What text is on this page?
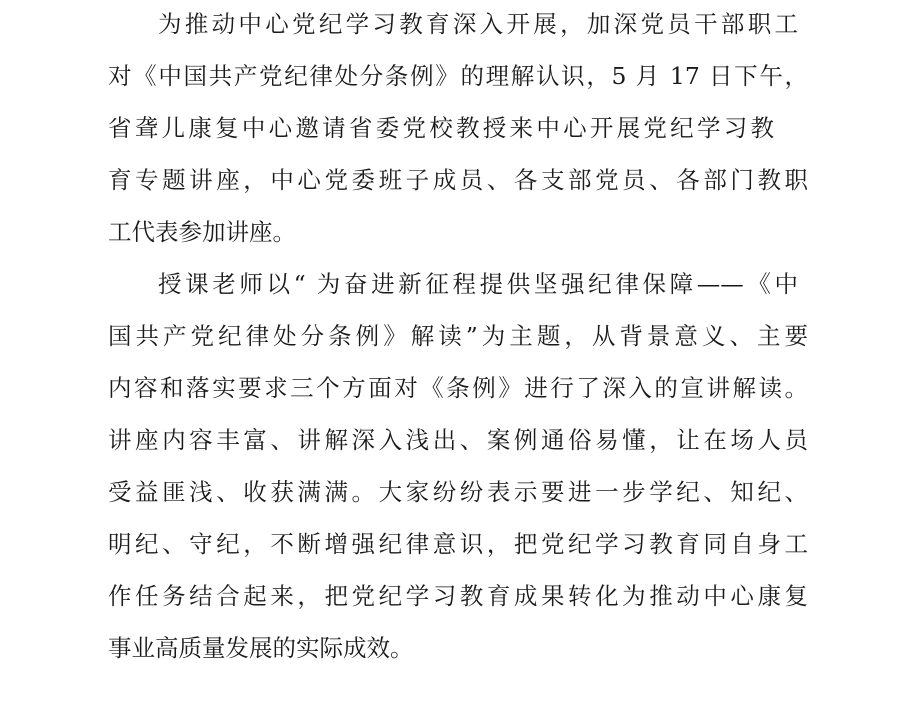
为推动中心党纪学习教育深入开展，加深党员干部职工
对《中国共产党纪律处分条例》的理解认识，5 月 17 日下午，
省聋儿康复中心邀请省委党校教授来中心开展党纪学习教
育专题讲座，中心党委班子成员、各支部党员、各部门教职
工代表参加讲座。
授课老师以“ 为奋进新征程提供坚强纪律保障——《中
国共产党纪律处分条例》解读”为主题，从背景意义、主要
内容和落实要求三个方面对《条例》进行了深入的宣讲解读。
讲座内容丰富、讲解深入浅出、案例通俗易懂，让在场人员
受益匪浅、收获满满。大家纷纷表示要进一步学纪、知纪、
明纪、守纪，不断增强纪律意识，把党纪学习教育同自身工
作任务结合起来，把党纪学习教育成果转化为推动中心康复
事业高质量发展的实际成效。
